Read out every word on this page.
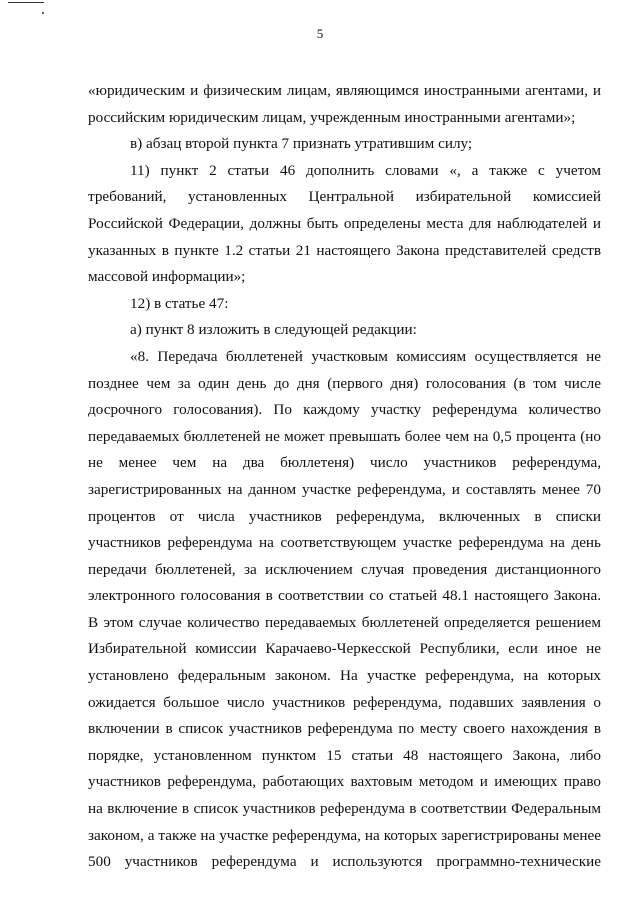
5

«юридическим и физическим лицам, являющимся иностранными агентами, и российским юридическим лицам, учрежденным иностранными агентами»;

в) абзац второй пункта 7 признать утратившим силу;

11) пункт 2 статьи 46 дополнить словами «, а также с учетом требований, установленных Центральной избирательной комиссией Российской Федерации, должны быть определены места для наблюдателей и указанных в пункте 1.2 статьи 21 настоящего Закона представителей средств массовой информации»;

12) в статье 47:

а) пункт 8 изложить в следующей редакции:

«8. Передача бюллетеней участковым комиссиям осуществляется не позднее чем за один день до дня (первого дня) голосования (в том числе досрочного голосования). По каждому участку референдума количество передаваемых бюллетеней не может превышать более чем на 0,5 процента (но не менее чем на два бюллетеня) число участников референдума, зарегистрированных на данном участке референдума, и составлять менее 70 процентов от числа участников референдума, включенных в списки участников референдума на соответствующем участке референдума на день передачи бюллетеней, за исключением случая проведения дистанционного электронного голосования в соответствии со статьей 48.1 настоящего Закона. В этом случае количество передаваемых бюллетеней определяется решением Избирательной комиссии Карачаево-Черкесской Республики, если иное не установлено федеральным законом. На участке референдума, на которых ожидается большое число участников референдума, подавших заявления о включении в список участников референдума по месту своего нахождения в порядке, установленном пунктом 15 статьи 48 настоящего Закона, либо участников референдума, работающих вахтовым методом и имеющих право на включение в список участников референдума в соответствии Федеральным законом, а также на участке референдума, на которых зарегистрированы менее 500 участников референдума и используются программно-технические
